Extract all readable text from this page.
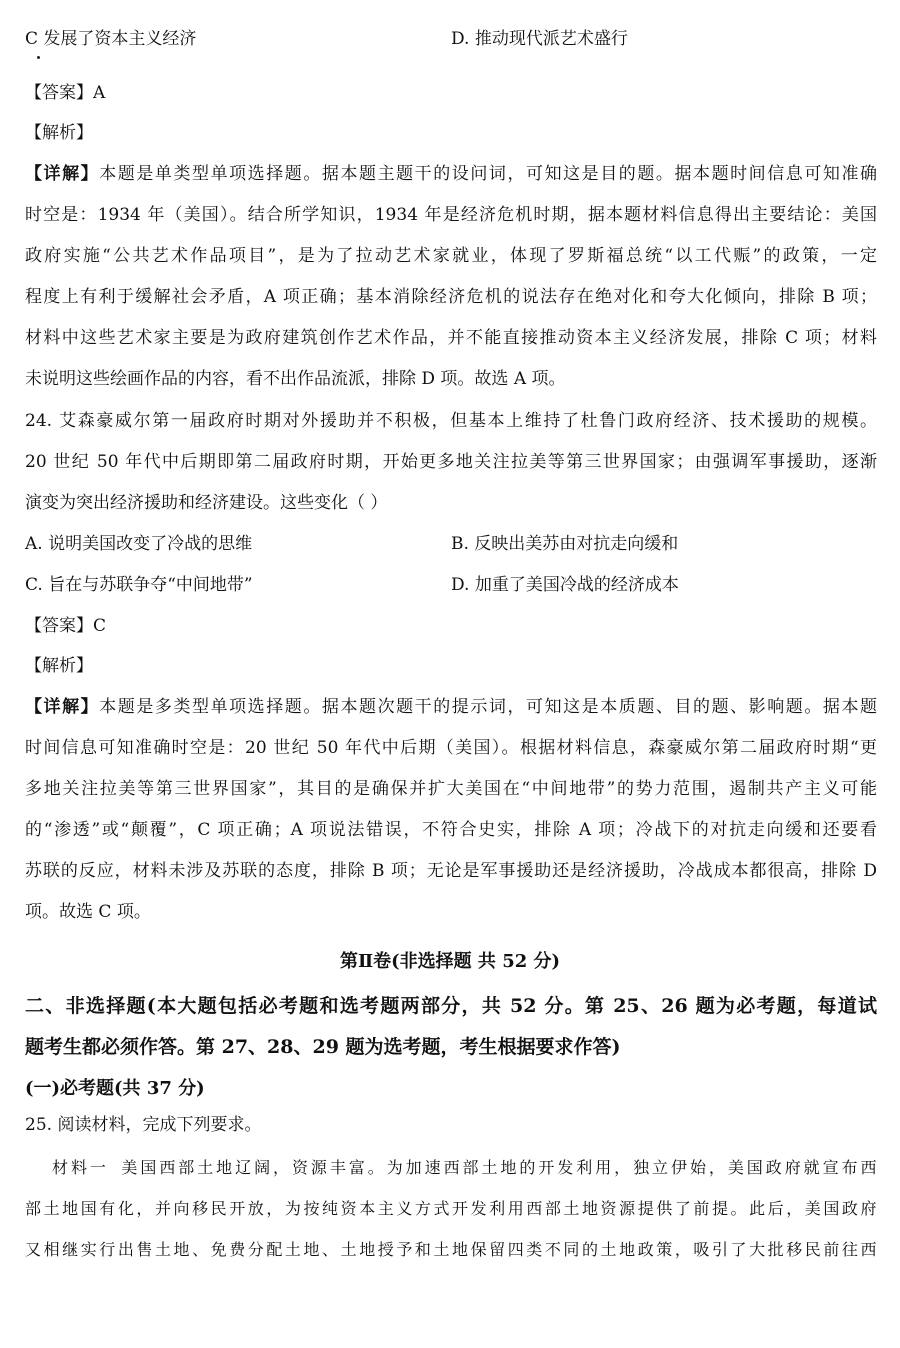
C 发展了资本主义经济	D. 推动现代派艺术盛行
【答案】A
【解析】
【详解】本题是单类型单项选择题。据本题主题干的设问词，可知这是目的题。据本题时间信息可知准确
时空是：1934 年（美国）。结合所学知识，1934 年是经济危机时期，据本题材料信息得出主要结论：美国
政府实施“公共艺术作品项目”，是为了拉动艺术家就业，体现了罗斯福总统“以工代赈”的政策，一定
程度上有利于缓解社会矛盾，A 项正确；基本消除经济危机的说法存在绝对化和夸大化倾向，排除 B 项；
材料中这些艺术家主要是为政府建筑创作艺术作品，并不能直接推动资本主义经济发展，排除 C 项；材料
未说明这些绘画作品的内容，看不出作品流派，排除 D 项。故选 A 项。
24. 艾森豪威尔第一届政府时期对外援助并不积极，但基本上维持了杜鲁门政府经济、技术援助的规模。
20 世纪 50 年代中后期即第二届政府时期，开始更多地关注拉美等第三世界国家；由强调军事援助，逐渐
演变为突出经济援助和经济建设。这些变化（ ）
A. 说明美国改变了冷战的思维	B. 反映出美苏由对抗走向缓和
C. 旨在与苏联争夺“中间地带”	D. 加重了美国冷战的经济成本
【答案】C
【解析】
【详解】本题是多类型单项选择题。据本题次题干的提示词，可知这是本质题、目的题、影响题。据本题
时间信息可知准确时空是：20 世纪 50 年代中后期（美国）。根据材料信息，森豪威尔第二届政府时期“更
多地关注拉美等第三世界国家”，其目的是确保并扩大美国在“中间地带”的势力范围，遏制共产主义可能
的“渗透”或“颠覆”，C 项正确；A 项说法错误，不符合史实，排除 A 项；冷战下的对抗走向缓和还要看
苏联的反应，材料未涉及苏联的态度，排除 B 项；无论是军事援助还是经济援助，冷战成本都很高，排除 D
项。故选 C 项。
第Ⅱ卷(非选择题 共 52 分)
二、非选择题(本大题包括必考题和选考题两部分，共 52 分。第 25、26 题为必考题，每道试
题考生都必须作答。第 27、28、29 题为选考题，考生根据要求作答)
(一)必考题(共 37 分)
25. 阅读材料，完成下列要求。
材料一 美国西部土地辽阔，资源丰富。为加速西部土地的开发利用，独立伊始，美国政府就宣布西
部土地国有化，并向移民开放，为按纯资本主义方式开发利用西部土地资源提供了前提。此后，美国政府
又相继实行出售土地、免费分配土地、土地授予和土地保留四类不同的土地政策，吸引了大批移民前往西
